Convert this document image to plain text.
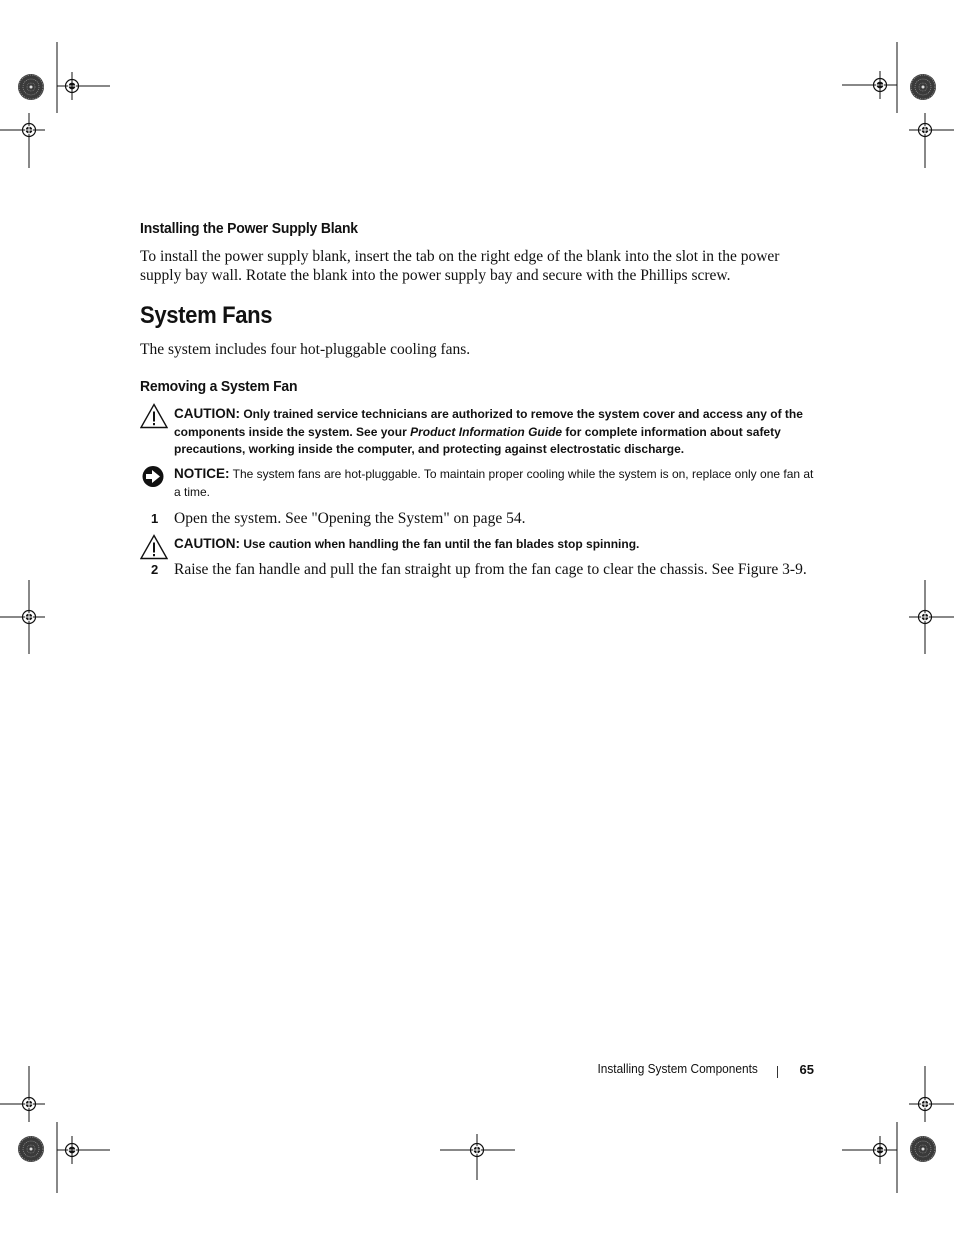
Installing the Power Supply Blank
To install the power supply blank, insert the tab on the right edge of the blank into the slot in the power supply bay wall. Rotate the blank into the power supply bay and secure with the Phillips screw.
System Fans
The system includes four hot-pluggable cooling fans.
Removing a System Fan
CAUTION: Only trained service technicians are authorized to remove the system cover and access any of the components inside the system. See your Product Information Guide for complete information about safety precautions, working inside the computer, and protecting against electrostatic discharge.
NOTICE: The system fans are hot-pluggable. To maintain proper cooling while the system is on, replace only one fan at a time.
1 Open the system. See "Opening the System" on page 54.
CAUTION: Use caution when handling the fan until the fan blades stop spinning.
2 Raise the fan handle and pull the fan straight up from the fan cage to clear the chassis. See Figure 3-9.
Installing System Components	65
